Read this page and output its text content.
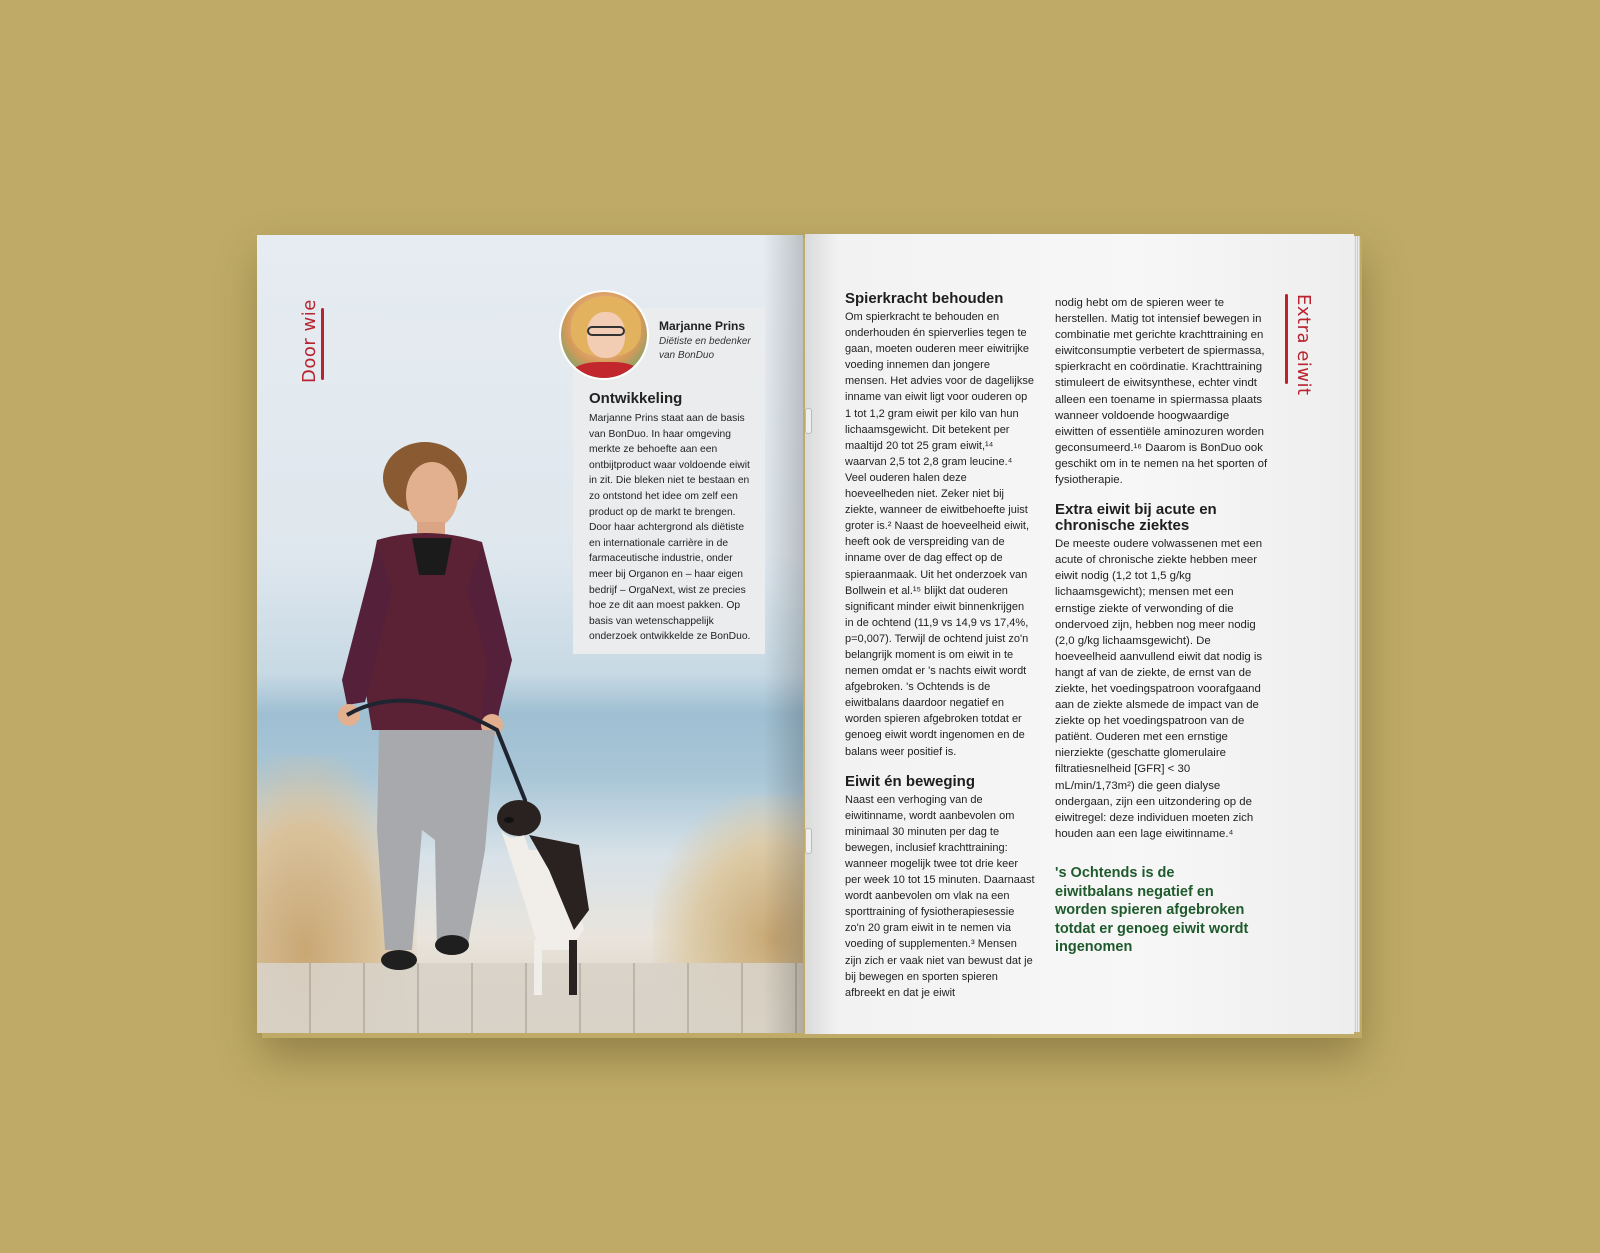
Door wie
Ontwikkeling

Marjanne Prins staat aan de basis van BonDuo. In haar omgeving merkte ze behoefte aan een ontbijtproduct waar voldoende eiwit in zit. Die bleken niet te bestaan en zo ontstond het idee om zelf een product op de markt te brengen. Door haar achtergrond als diëtiste en internationale carrière in de farmaceutische industrie, onder meer bij Organon en – haar eigen bedrijf – OrgaNext, wist ze precies hoe ze dit aan moest pakken. Op basis van wetenschappelijk onderzoek ontwikkelde ze BonDuo.

Marjanne Prins
Diëtiste en bedenker van BonDuo
Spierkracht behouden

Om spierkracht te behouden en onderhouden én spierverlies tegen te gaan, moeten ouderen meer eiwitrijke voeding innemen dan jongere mensen. Het advies voor de dagelijkse inname van eiwit ligt voor ouderen op 1 tot 1,2 gram eiwit per kilo van hun lichaamsgewicht. Dit betekent per maaltijd 20 tot 25 gram eiwit,¹⁴ waarvan 2,5 tot 2,8 gram leucine.⁴ Veel ouderen halen deze hoeveelheden niet. Zeker niet bij ziekte, wanneer de eiwitbehoefte juist groter is.² Naast de hoeveelheid eiwit, heeft ook de verspreiding van de inname over de dag effect op de spieraanmaak. Uit het onderzoek van Bollwein et al.¹⁵ blijkt dat ouderen significant minder eiwit binnenkrijgen in de ochtend (11,9 vs 14,9 vs 17,4%, p=0,007). Terwijl de ochtend juist zo'n belangrijk moment is om eiwit in te nemen omdat er 's nachts eiwit wordt afgebroken. 's Ochtends is de eiwitbalans daardoor negatief en worden spieren afgebroken totdat er genoeg eiwit wordt ingenomen en de balans weer positief is.

Eiwit én beweging

Naast een verhoging van de eiwitinname, wordt aanbevolen om minimaal 30 minuten per dag te bewegen, inclusief krachttraining: wanneer mogelijk twee tot drie keer per week 10 tot 15 minuten. Daarnaast wordt aanbevolen om vlak na een sporttraining of fysiotherapiesessie zo'n 20 gram eiwit in te nemen via voeding of supplementen.³ Mensen zijn zich er vaak niet van bewust dat je bij bewegen en sporten spieren afbreekt en dat je eiwit

nodig hebt om de spieren weer te herstellen. Matig tot intensief bewegen in combinatie met gerichte krachttraining en eiwitconsumptie verbetert de spiermassa, spierkracht en coördinatie. Krachttraining stimuleert de eiwitsynthese, echter vindt alleen een toename in spiermassa plaats wanneer voldoende hoogwaardige eiwitten of essentiële aminozuren worden geconsumeerd.¹⁶ Daarom is BonDuo ook geschikt om in te nemen na het sporten of fysiotherapie.

Extra eiwit bij acute en chronische ziektes

De meeste oudere volwassenen met een acute of chronische ziekte hebben meer eiwit nodig (1,2 tot 1,5 g/kg lichaamsgewicht); mensen met een ernstige ziekte of verwonding of die ondervoed zijn, hebben nog meer nodig (2,0 g/kg lichaamsgewicht). De hoeveelheid aanvullend eiwit dat nodig is hangt af van de ziekte, de ernst van de ziekte, het voedingspatroon voorafgaand aan de ziekte alsmede de impact van de ziekte op het voedingspatroon van de patiënt. Ouderen met een ernstige nierziekte (geschatte glomerulaire filtratiesnelheid [GFR] < 30 mL/min/1,73m²) die geen dialyse ondergaan, zijn een uitzondering op de eiwitregel: deze individuen moeten zich houden aan een lage eiwitinname.⁴

's Ochtends is de eiwitbalans negatief en worden spieren afgebroken totdat er genoeg eiwit wordt ingenomen
Extra eiwit
